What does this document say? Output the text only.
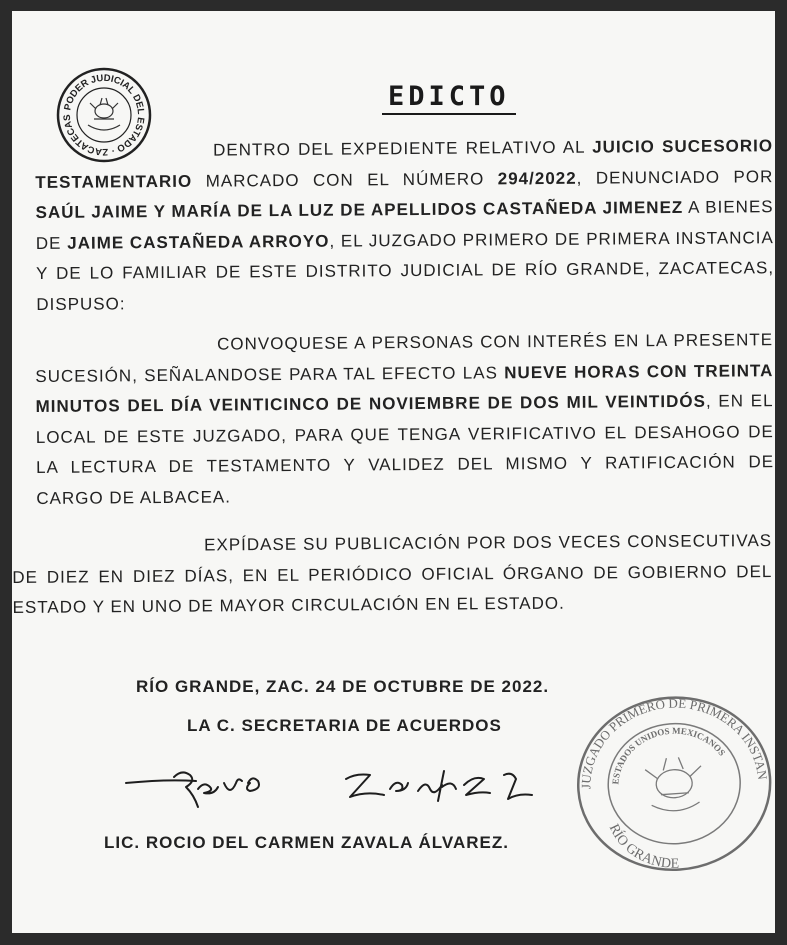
PODER JUDICIAL DEL ESTADO · ZACATECAS
EDICTO
DENTRO DEL EXPEDIENTE RELATIVO AL JUICIO SUCESORIO TESTAMENTARIO MARCADO CON EL NÚMERO 294/2022, DENUNCIADO POR SAÚL JAIME Y MARÍA DE LA LUZ DE APELLIDOS CASTAÑEDA JIMENEZ A BIENES DE JAIME CASTAÑEDA ARROYO, EL JUZGADO PRIMERO DE PRIMERA INSTANCIA Y DE LO FAMILIAR DE ESTE DISTRITO JUDICIAL DE RÍO GRANDE, ZACATECAS, DISPUSO:
CONVOQUESE A PERSONAS CON INTERÉS EN LA PRESENTE SUCESIÓN, SEÑALANDOSE PARA TAL EFECTO LAS NUEVE HORAS CON TREINTA MINUTOS DEL DÍA VEINTICINCO DE NOVIEMBRE DE DOS MIL VEINTIDÓS, EN EL LOCAL DE ESTE JUZGADO, PARA QUE TENGA VERIFICATIVO EL DESAHOGO DE LA LECTURA DE TESTAMENTO Y VALIDEZ DEL MISMO Y RATIFICACIÓN DE CARGO DE ALBACEA.
EXPÍDASE SU PUBLICACIÓN POR DOS VECES CONSECUTIVAS DE DIEZ EN DIEZ DÍAS, EN EL PERIÓDICO OFICIAL ÓRGANO DE GOBIERNO DEL ESTADO Y EN UNO DE MAYOR CIRCULACIÓN EN EL ESTADO.
RÍO GRANDE, ZAC. 24 DE OCTUBRE DE 2022.
LA C. SECRETARIA DE ACUERDOS
JUZGADO PRIMERO DE PRIMERA INSTANCIA
ESTADOS UNIDOS MEXICANOS
RÍO GRANDE
LIC. ROCIO DEL CARMEN ZAVALA ÁLVAREZ.
